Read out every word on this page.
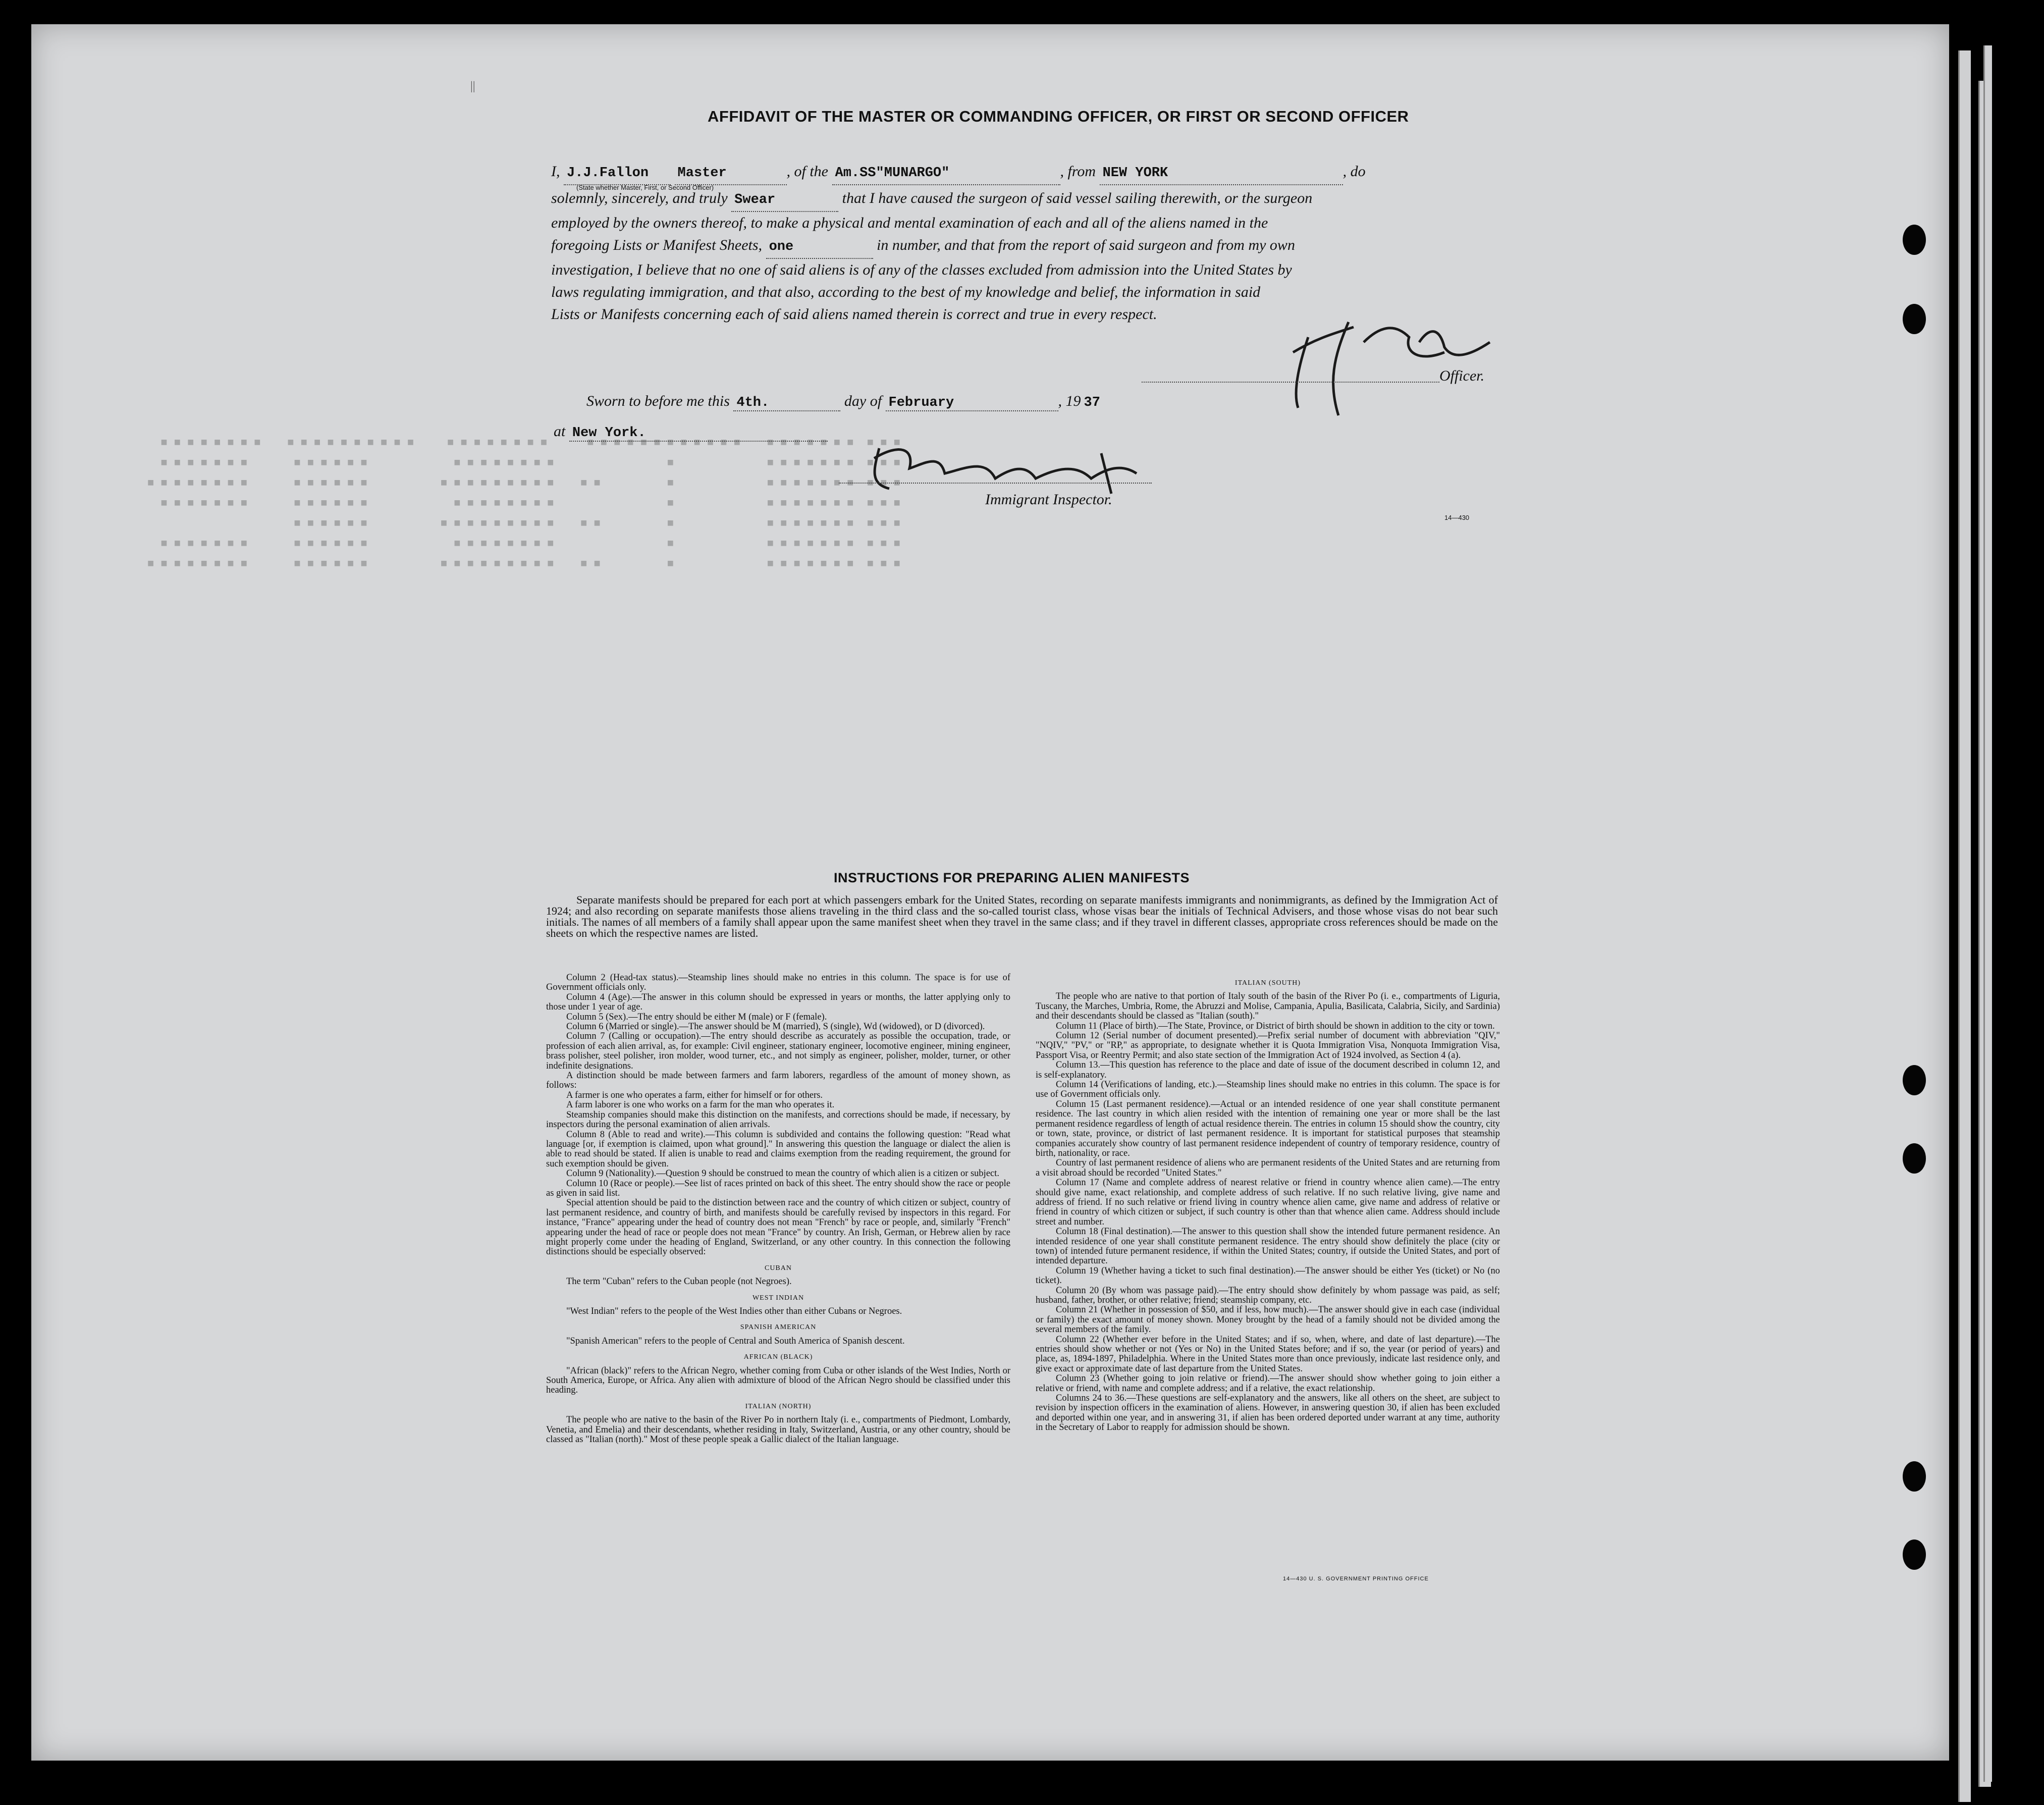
||
AFFIDAVIT OF THE MASTER OR COMMANDING OFFICER, OR FIRST OR SECOND OFFICER
I, J.J.Fallon Master	, of the Am.SS"MUNARGO"	, from NEW YORK	, do
(State whether Master, First, or Second Officer)
solemnly, sincerely, and truly Swear	that I have caused the surgeon of said vessel sailing therewith, or the surgeon
employed by the owners thereof, to make a physical and mental examination of each and all of the aliens named in the
foregoing Lists or Manifest Sheets, one	in number, and that from the report of said surgeon and from my own
investigation, I believe that no one of said aliens is of any of the classes excluded from admission into the United States by
laws regulating immigration, and that also, according to the best of my knowledge and belief, the information in said
Lists or Manifests concerning each of said aliens named therein is correct and true in every respect.
Officer.
Sworn to before me this 4th.	day of February	, 19 37
at New York.
Immigrant Inspector.
14—430

■ ■ ■  ■ ■ ■ ■ ■ ■ ■    ■ ■ ■ ■ ■ ■ ■ ■ ■ ■ ■ ■      ■ ■ ■ ■ ■ ■ ■ ■     ■ ■ ■ ■ ■ ■ ■ ■ ■ ■    ■ ■ ■ ■ ■ ■ ■ ■
■ ■ ■  ■ ■ ■ ■ ■ ■ ■              ■                 ■ ■ ■ ■ ■ ■ ■ ■             ■ ■ ■ ■ ■ ■       ■ ■ ■ ■ ■ ■ ■
■ ■ ■  ■ ■ ■ ■ ■ ■ ■              ■          ■ ■    ■ ■ ■ ■ ■ ■ ■ ■ ■           ■ ■ ■ ■ ■ ■       ■ ■ ■ ■ ■ ■ ■ ■
■ ■ ■  ■ ■ ■ ■ ■ ■ ■              ■                 ■ ■ ■ ■ ■ ■ ■ ■             ■ ■ ■ ■ ■ ■       ■ ■ ■ ■ ■ ■ ■
■ ■ ■  ■ ■ ■ ■ ■ ■ ■              ■          ■ ■    ■ ■ ■ ■ ■ ■ ■ ■ ■           ■ ■ ■ ■ ■ ■
■ ■ ■  ■ ■ ■ ■ ■ ■ ■              ■                 ■ ■ ■ ■ ■ ■ ■ ■             ■ ■ ■ ■ ■ ■       ■ ■ ■ ■ ■ ■ ■
■ ■ ■  ■ ■ ■ ■ ■ ■ ■              ■          ■ ■    ■ ■ ■ ■ ■ ■ ■ ■ ■           ■ ■ ■ ■ ■ ■       ■ ■ ■ ■ ■ ■ ■ ■

INSTRUCTIONS FOR PREPARING ALIEN MANIFESTS
Separate manifests should be prepared for each port at which passengers embark for the United States, recording on separate manifests immigrants and nonimmigrants, as defined by the Immigration Act of 1924; and also recording on separate manifests those aliens traveling in the third class and the so-called tourist class, whose visas bear the initials of Technical Advisers, and those whose visas do not bear such initials. The names of all members of a family shall appear upon the same manifest sheet when they travel in the same class; and if they travel in different classes, appropriate cross references should be made on the sheets on which the respective names are listed.

Column 2 (Head-tax status).—Steamship lines should make no entries in this column. The space is for use of Government officials only.

Column 4 (Age).—The answer in this column should be expressed in years or months, the latter applying only to those under 1 year of age.

Column 5 (Sex).—The entry should be either M (male) or F (female).

Column 6 (Married or single).—The answer should be M (married), S (single), Wd (widowed), or D (divorced).

Column 7 (Calling or occupation).—The entry should describe as accurately as possible the occupation, trade, or profession of each alien arrival, as, for example: Civil engineer, stationary engineer, locomotive engineer, mining engineer, brass polisher, steel polisher, iron molder, wood turner, etc., and not simply as engineer, polisher, molder, turner, or other indefinite designations.

A distinction should be made between farmers and farm laborers, regardless of the amount of money shown, as follows:

A farmer is one who operates a farm, either for himself or for others.

A farm laborer is one who works on a farm for the man who operates it.

Steamship companies should make this distinction on the manifests, and corrections should be made, if necessary, by inspectors during the personal examination of alien arrivals.

Column 8 (Able to read and write).—This column is subdivided and contains the following question: "Read what language [or, if exemption is claimed, upon what ground]." In answering this question the language or dialect the alien is able to read should be stated. If alien is unable to read and claims exemption from the reading requirement, the ground for such exemption should be given.

Column 9 (Nationality).—Question 9 should be construed to mean the country of which alien is a citizen or subject.

Column 10 (Race or people).—See list of races printed on back of this sheet. The entry should show the race or people as given in said list.

Special attention should be paid to the distinction between race and the country of which citizen or subject, country of last permanent residence, and country of birth, and manifests should be carefully revised by inspectors in this regard. For instance, "France" appearing under the head of country does not mean "French" by race or people, and, similarly "French" appearing under the head of race or people does not mean "France" by country. An Irish, German, or Hebrew alien by race might properly come under the heading of England, Switzerland, or any other country. In this connection the following distinctions should be especially observed:

CUBAN

The term "Cuban" refers to the Cuban people (not Negroes).

WEST INDIAN

"West Indian" refers to the people of the West Indies other than either Cubans or Negroes.

SPANISH AMERICAN

"Spanish American" refers to the people of Central and South America of Spanish descent.

AFRICAN (BLACK)

"African (black)" refers to the African Negro, whether coming from Cuba or other islands of the West Indies, North or South America, Europe, or Africa. Any alien with admixture of blood of the African Negro should be classified under this heading.

ITALIAN (NORTH)

The people who are native to the basin of the River Po in northern Italy (i. e., compartments of Piedmont, Lombardy, Venetia, and Emelia) and their descendants, whether residing in Italy, Switzerland, Austria, or any other country, should be classed as "Italian (north)." Most of these people speak a Gallic dialect of the Italian language.

ITALIAN (SOUTH)

The people who are native to that portion of Italy south of the basin of the River Po (i. e., compartments of Liguria, Tuscany, the Marches, Umbria, Rome, the Abruzzi and Molise, Campania, Apulia, Basilicata, Calabria, Sicily, and Sardinia) and their descendants should be classed as "Italian (south)."

Column 11 (Place of birth).—The State, Province, or District of birth should be shown in addition to the city or town.

Column 12 (Serial number of document presented).—Prefix serial number of document with abbreviation "QIV," "NQIV," "PV," or "RP," as appropriate, to designate whether it is Quota Immigration Visa, Nonquota Immigration Visa, Passport Visa, or Reentry Permit; and also state section of the Immigration Act of 1924 involved, as Section 4 (a).

Column 13.—This question has reference to the place and date of issue of the document described in column 12, and is self-explanatory.

Column 14 (Verifications of landing, etc.).—Steamship lines should make no entries in this column. The space is for use of Government officials only.

Column 15 (Last permanent residence).—Actual or an intended residence of one year shall constitute permanent residence. The last country in which alien resided with the intention of remaining one year or more shall be the last permanent residence regardless of length of actual residence therein. The entries in column 15 should show the country, city or town, state, province, or district of last permanent residence. It is important for statistical purposes that steamship companies accurately show country of last permanent residence independent of country of temporary residence, country of birth, nationality, or race.

Country of last permanent residence of aliens who are permanent residents of the United States and are returning from a visit abroad should be recorded "United States."

Column 17 (Name and complete address of nearest relative or friend in country whence alien came).—The entry should give name, exact relationship, and complete address of such relative. If no such relative living, give name and address of friend. If no such relative or friend living in country whence alien came, give name and address of relative or friend in country of which citizen or subject, if such country is other than that whence alien came. Address should include street and number.

Column 18 (Final destination).—The answer to this question shall show the intended future permanent residence. An intended residence of one year shall constitute permanent residence. The entry should show definitely the place (city or town) of intended future permanent residence, if within the United States; country, if outside the United States, and port of intended departure.

Column 19 (Whether having a ticket to such final destination).—The answer should be either Yes (ticket) or No (no ticket).

Column 20 (By whom was passage paid).—The entry should show definitely by whom passage was paid, as self; husband, father, brother, or other relative; friend; steamship company, etc.

Column 21 (Whether in possession of $50, and if less, how much).—The answer should give in each case (individual or family) the exact amount of money shown. Money brought by the head of a family should not be divided among the several members of the family.

Column 22 (Whether ever before in the United States; and if so, when, where, and date of last departure).—The entries should show whether or not (Yes or No) in the United States before; and if so, the year (or period of years) and place, as, 1894-1897, Philadelphia. Where in the United States more than once previously, indicate last residence only, and give exact or approximate date of last departure from the United States.

Column 23 (Whether going to join relative or friend).—The answer should show whether going to join either a relative or friend, with name and complete address; and if a relative, the exact relationship.

Columns 24 to 36.—These questions are self-explanatory and the answers, like all others on the sheet, are subject to revision by inspection officers in the examination of aliens. However, in answering question 30, if alien has been excluded and deported within one year, and in answering 31, if alien has been ordered deported under warrant at any time, authority in the Secretary of Labor to reapply for admission should be shown.

14—430 U. S. GOVERNMENT PRINTING OFFICE
